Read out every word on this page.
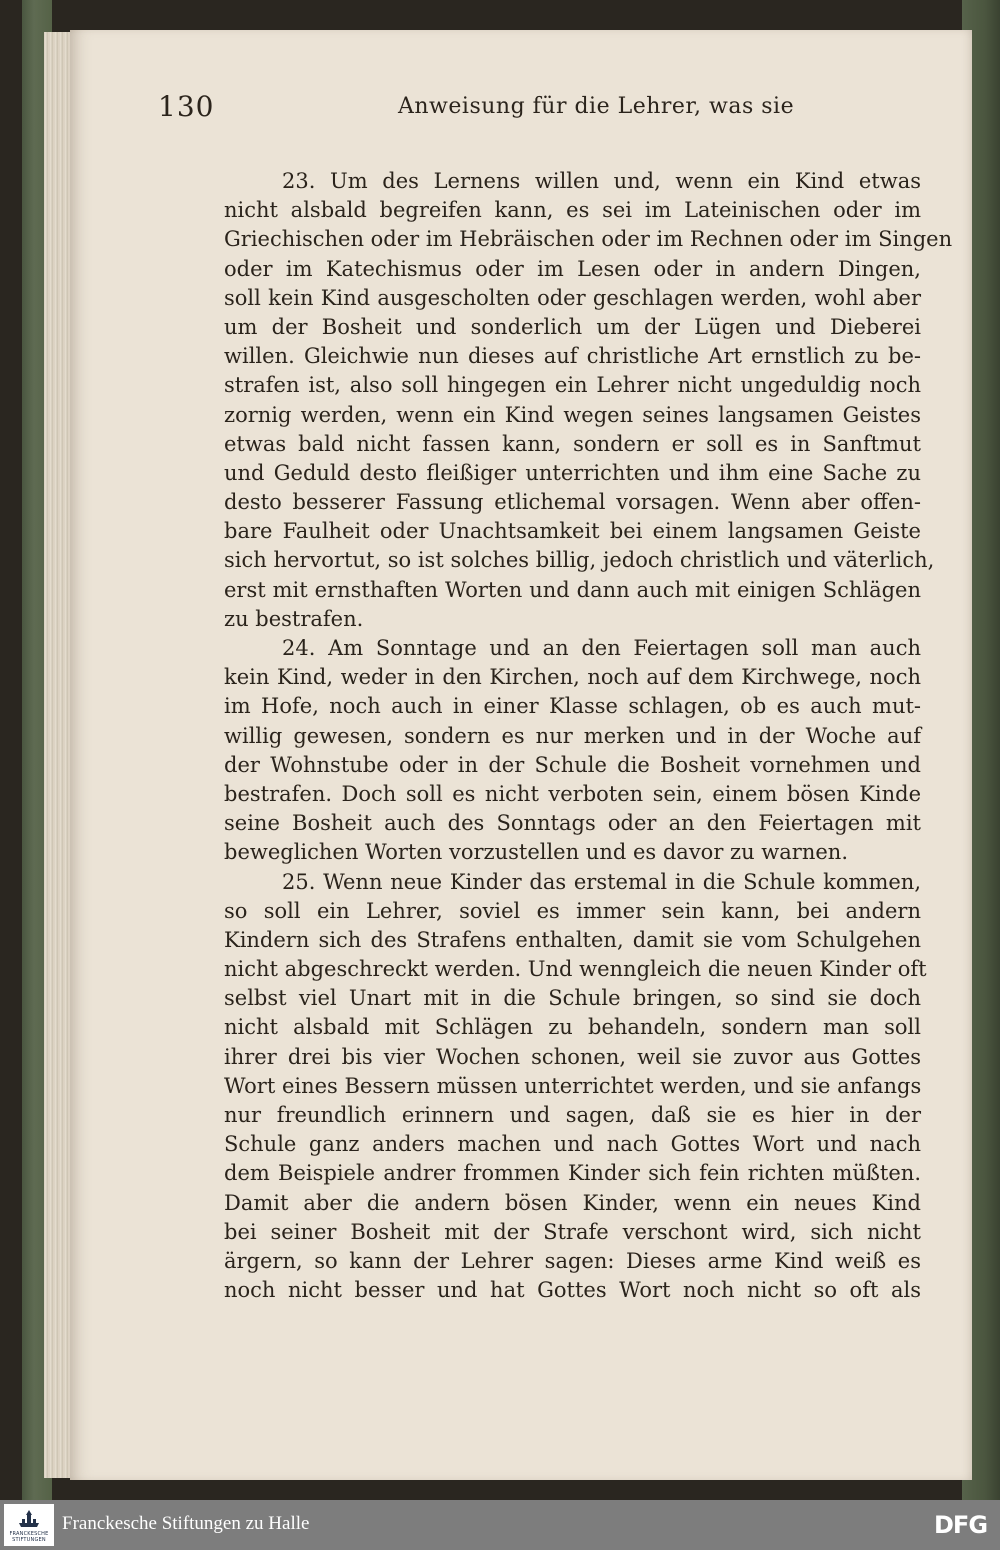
130	Anweisung für die Lehrer, was sie
23. Um des Lernens willen und, wenn ein Kind etwas
nicht alsbald begreifen kann, es sei im Lateinischen oder im
Griechischen oder im Hebräischen oder im Rechnen oder im Singen
oder im Katechismus oder im Lesen oder in andern Dingen,
soll kein Kind ausgescholten oder geschlagen werden, wohl aber
um der Bosheit und sonderlich um der Lügen und Dieberei
willen. Gleichwie nun dieses auf christliche Art ernstlich zu be-
strafen ist, also soll hingegen ein Lehrer nicht ungeduldig noch
zornig werden, wenn ein Kind wegen seines langsamen Geistes
etwas bald nicht fassen kann, sondern er soll es in Sanftmut
und Geduld desto fleißiger unterrichten und ihm eine Sache zu
desto besserer Fassung etlichemal vorsagen. Wenn aber offen-
bare Faulheit oder Unachtsamkeit bei einem langsamen Geiste
sich hervortut, so ist solches billig, jedoch christlich und väterlich,
erst mit ernsthaften Worten und dann auch mit einigen Schlägen
zu bestrafen.
24. Am Sonntage und an den Feiertagen soll man auch
kein Kind, weder in den Kirchen, noch auf dem Kirchwege, noch
im Hofe, noch auch in einer Klasse schlagen, ob es auch mut-
willig gewesen, sondern es nur merken und in der Woche auf
der Wohnstube oder in der Schule die Bosheit vornehmen und
bestrafen. Doch soll es nicht verboten sein, einem bösen Kinde
seine Bosheit auch des Sonntags oder an den Feiertagen mit
beweglichen Worten vorzustellen und es davor zu warnen.
25. Wenn neue Kinder das erstemal in die Schule kommen,
so soll ein Lehrer, soviel es immer sein kann, bei andern
Kindern sich des Strafens enthalten, damit sie vom Schulgehen
nicht abgeschreckt werden. Und wenngleich die neuen Kinder oft
selbst viel Unart mit in die Schule bringen, so sind sie doch
nicht alsbald mit Schlägen zu behandeln, sondern man soll
ihrer drei bis vier Wochen schonen, weil sie zuvor aus Gottes
Wort eines Bessern müssen unterrichtet werden, und sie anfangs
nur freundlich erinnern und sagen, daß sie es hier in der
Schule ganz anders machen und nach Gottes Wort und nach
dem Beispiele andrer frommen Kinder sich fein richten müßten.
Damit aber die andern bösen Kinder, wenn ein neues Kind
bei seiner Bosheit mit der Strafe verschont wird, sich nicht
ärgern, so kann der Lehrer sagen: Dieses arme Kind weiß es
noch nicht besser und hat Gottes Wort noch nicht so oft als
FRANCKESCHE
STIFTUNGEN
Franckesche Stiftungen zu Halle	DFG
